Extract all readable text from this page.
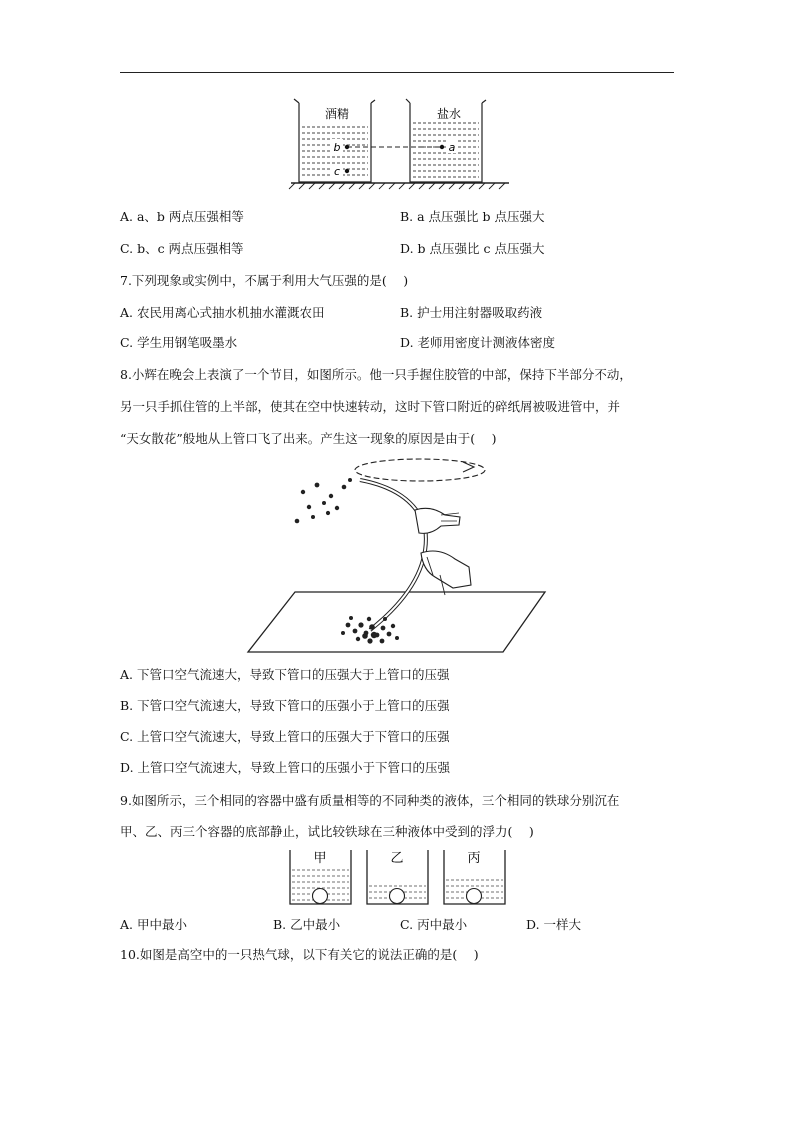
酒精	盐水
b	a
c
A. a、b 两点压强相等	B. a 点压强比 b 点压强大
C. b、c 两点压强相等	D. b 点压强比 c 点压强大
7.下列现象或实例中，不属于利用大气压强的是(　 )
A. 农民用离心式抽水机抽水灌溉农田	B. 护士用注射器吸取药液
C. 学生用钢笔吸墨水	D. 老师用密度计测液体密度
8.小辉在晚会上表演了一个节目，如图所示。他一只手握住胶管的中部，保持下半部分不动，
另一只手抓住管的上半部，使其在空中快速转动，这时下管口附近的碎纸屑被吸进管中，并
“天女散花”般地从上管口飞了出来。产生这一现象的原因是由于(　 )
A. 下管口空气流速大，导致下管口的压强大于上管口的压强
B. 下管口空气流速大，导致下管口的压强小于上管口的压强
C. 上管口空气流速大，导致上管口的压强大于下管口的压强
D. 上管口空气流速大，导致上管口的压强小于下管口的压强
9.如图所示，三个相同的容器中盛有质量相等的不同种类的液体，三个相同的铁球分别沉在
甲、乙、丙三个容器的底部静止，试比较铁球在三种液体中受到的浮力(　 )
甲	乙	丙
A. 甲中最小	B. 乙中最小	C. 丙中最小	D. 一样大
10.如图是高空中的一只热气球，以下有关它的说法正确的是(　 )
